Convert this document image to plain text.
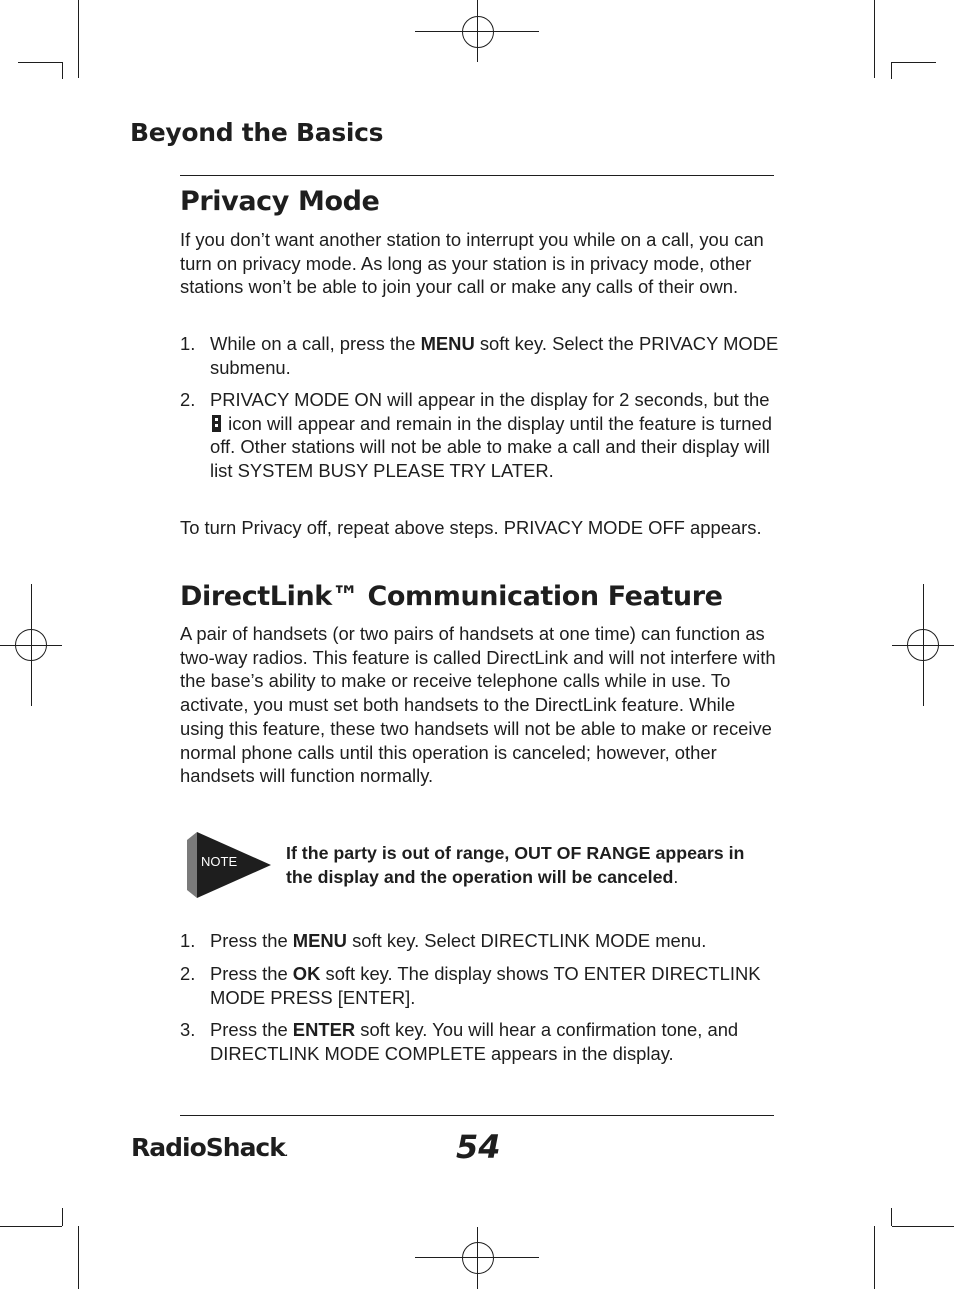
Beyond the Basics
Privacy Mode

If you don’t want another station to interrupt you while on a call, you can turn on privacy mode. As long as your station is in privacy mode, other stations won’t be able to join your call or make any calls of their own.

1. While on a call, press the MENU soft key. Select the PRIVACY MODE submenu.
2. PRIVACY MODE ON will appear in the display for 2 seconds, but the  icon will appear and remain in the display until the feature is turned off. Other stations will not be able to make a call and their display will list SYSTEM BUSY PLEASE TRY LATER.

To turn Privacy off, repeat above steps. PRIVACY MODE OFF appears.

DirectLink™ Communication Feature

A pair of handsets (or two pairs of handsets at one time) can function as two-way radios. This feature is called DirectLink and will not interfere with the base’s ability to make or receive telephone calls while in use. To activate, you must set both handsets to the DirectLink feature. While using this feature, these two handsets will not be able to make or receive normal phone calls until this operation is canceled; however, other handsets will function normally.

NOTE	If the party is out of range, OUT OF RANGE appears in the display and the operation will be canceled.

1. Press the MENU soft key. Select DIRECTLINK MODE menu.
2. Press the OK soft key. The display shows TO ENTER DIRECTLINK MODE PRESS [ENTER].
3. Press the ENTER soft key. You will hear a confirmation tone, and DIRECTLINK MODE COMPLETE appears in the display.

RadioShack.	54
